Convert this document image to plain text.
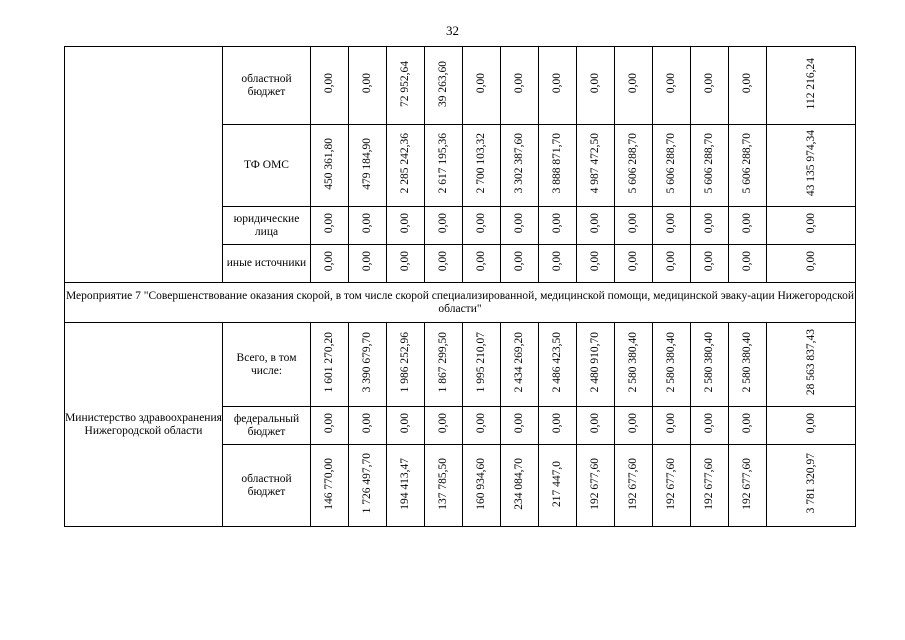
32
	областной бюджет	0,00	0,00	72 952,64	39 263,60	0,00	0,00	0,00	0,00	0,00	0,00	0,00	0,00	112 216,24
	ТФ ОМС	450 361,80	479 184,90	2 285 242,36	2 617 195,36	2 700 103,32	3 302 387,60	3 888 871,70	4 987 472,50	5 606 288,70	5 606 288,70	5 606 288,70	5 606 288,70	43 135 974,34
	юридические лица	0,00	0,00	0,00	0,00	0,00	0,00	0,00	0,00	0,00	0,00	0,00	0,00	0,00
	иные источники	0,00	0,00	0,00	0,00	0,00	0,00	0,00	0,00	0,00	0,00	0,00	0,00	0,00
Мероприятие 7 "Совершенствование оказания скорой, в том числе скорой специализированной, медицинской помощи, медицинской эваку-ации Нижегородской области"														
Министерство здравоохранения Нижегородской области	Всего, в том числе:	1 601 270,20	3 390 679,70	1 986 252,96	1 867 299,50	1 995 210,07	2 434 269,20	2 486 423,50	2 480 910,70	2 580 380,40	2 580 380,40	2 580 380,40	2 580 380,40	28 563 837,43
	федеральный бюджет	0,00	0,00	0,00	0,00	0,00	0,00	0,00	0,00	0,00	0,00	0,00	0,00	0,00
	областной бюджет	146 770,00	1 726 497,70	194 413,47	137 785,50	160 934,60	234 084,70	217 447,0	192 677,60	192 677,60	192 677,60	192 677,60	192 677,60	3 781 320,97
